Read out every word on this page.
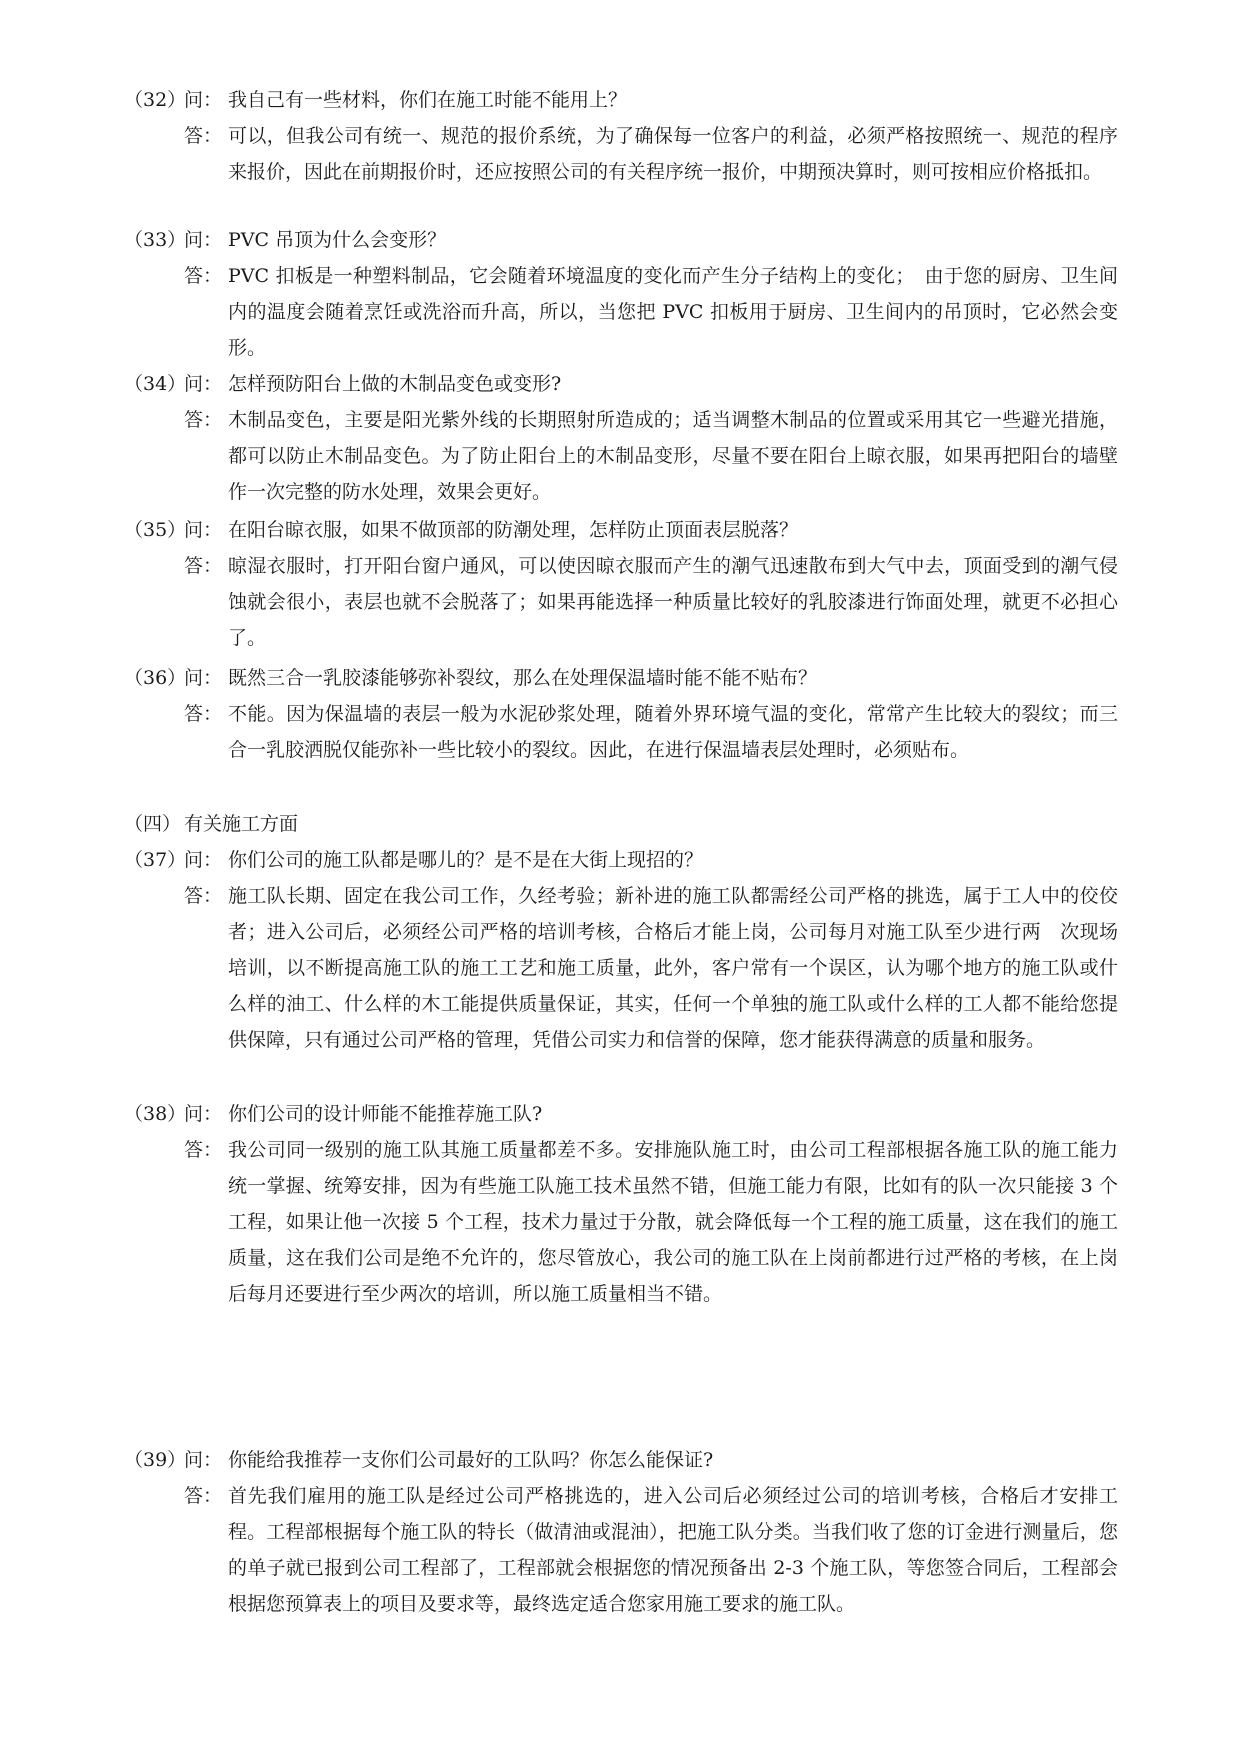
（32）
问： 我自己有一些材料，你们在施工时能不能用上？
答： 可以，但我公司有统一、规范的报价系统，为了确保每一位客户的利益，必须严格按照统一、规范的程序来报价，因此在前期报价时，还应按照公司的有关程序统一报价，中期预决算时，则可按相应价格抵扣。
（33）
问： PVC 吊顶为什么会变形？
答： PVC 扣板是一种塑料制品，它会随着环境温度的变化而产生分子结构上的变化；　由于您的厨房、卫生间内的温度会随着烹饪或洗浴而升高，所以，当您把 PVC 扣板用于厨房、卫生间内的吊顶时，它必然会变形。
（34）
问： 怎样预防阳台上做的木制品变色或变形?
答： 木制品变色，主要是阳光紫外线的长期照射所造成的；适当调整木制品的位置或采用其它一些避光措施，都可以防止木制品变色。为了防止阳台上的木制品变形，尽量不要在阳台上晾衣服，如果再把阳台的墙壁作一次完整的防水处理，效果会更好。
（35）
问： 在阳台晾衣服，如果不做顶部的防潮处理，怎样防止顶面表层脱落？
答： 晾湿衣服时，打开阳台窗户通风，可以使因晾衣服而产生的潮气迅速散布到大气中去，顶面受到的潮气侵蚀就会很小，表层也就不会脱落了；如果再能选择一种质量比较好的乳胶漆进行饰面处理，就更不必担心了。
（36）
问： 既然三合一乳胶漆能够弥补裂纹，那么在处理保温墙时能不能不贴布？
答： 不能。因为保温墙的表层一般为水泥砂浆处理，随着外界环境气温的变化，常常产生比较大的裂纹；而三合一乳胶洒脱仅能弥补一些比较小的裂纹。因此，在进行保温墙表层处理时，必须贴布。
（四） 有关施工方面
（37）
问： 你们公司的施工队都是哪儿的？是不是在大街上现招的？
答： 施工队长期、固定在我公司工作，久经考验；新补进的施工队都需经公司严格的挑选，属于工人中的佼佼者；进入公司后，必须经公司严格的培训考核，合格后才能上岗，公司每月对施工队至少进行两　次现场培训，以不断提高施工队的施工工艺和施工质量，此外，客户常有一个误区，认为哪个地方的施工队或什么样的油工、什么样的木工能提供质量保证，其实，任何一个单独的施工队或什么样的工人都不能给您提供保障，只有通过公司严格的管理，凭借公司实力和信誉的保障，您才能获得满意的质量和服务。
（38）
问： 你们公司的设计师能不能推荐施工队?
答： 我公司同一级别的施工队其施工质量都差不多。安排施队施工时，由公司工程部根据各施工队的施工能力统一掌握、统筹安排，因为有些施工队施工技术虽然不错，但施工能力有限，比如有的队一次只能接 3 个工程，如果让他一次接 5 个工程，技术力量过于分散，就会降低每一个工程的施工质量，这在我们的施工质量，这在我们公司是绝不允许的，您尽管放心，我公司的施工队在上岗前都进行过严格的考核，在上岗后每月还要进行至少两次的培训，所以施工质量相当不错。
（39）
问： 你能给我推荐一支你们公司最好的工队吗？你怎么能保证?
答： 首先我们雇用的施工队是经过公司严格挑选的，进入公司后必须经过公司的培训考核，合格后才安排工程。工程部根据每个施工队的特长（做清油或混油），把施工队分类。当我们收了您的订金进行测量后，您的单子就已报到公司工程部了，工程部就会根据您的情况预备出 2-3 个施工队，等您签合同后，工程部会根据您预算表上的项目及要求等，最终选定适合您家用施工要求的施工队。
